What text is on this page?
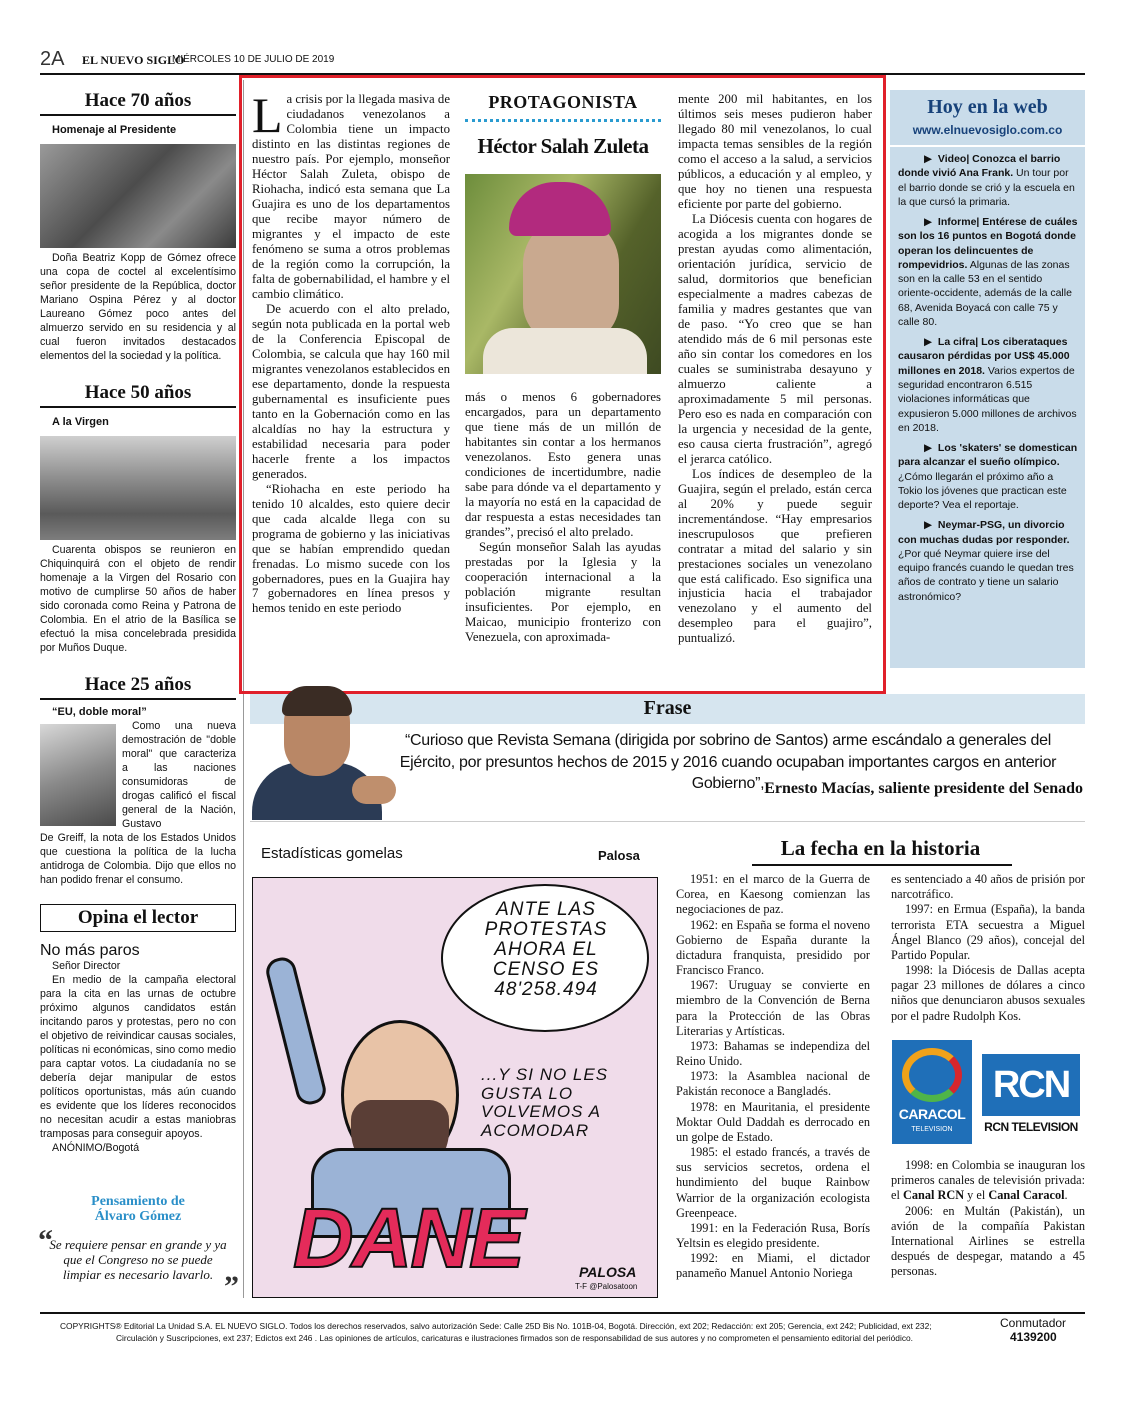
2A EL NUEVO SIGLO
MIÉRCOLES 10 DE JULIO DE 2019
Hace 70 años
Homenaje al Presidente
Doña Beatriz Kopp de Gómez ofrece una copa de coctel al excelentísimo señor presidente de la República, doctor Mariano Ospina Pérez y al doctor Laureano Gómez poco antes del almuerzo servido en su residencia y al cual fueron invitados destacados elementos del la sociedad y la política.
Hace 50 años
A la Virgen
Cuarenta obispos se reunieron en Chiquinquirá con el objeto de rendir homenaje a la Virgen del Rosario con motivo de cumplirse 50 años de haber sido coronada como Reina y Patrona de Colombia. En el atrio de la Basílica se efectuó la misa concelebrada presidida por Muños Duque.
Hace 25 años
“EU, doble moral”
Como una nueva demostración de "doble moral" que caracteriza a las naciones consumidoras de drogas calificó el fiscal general de la Nación, Gustavo
De Greiff, la nota de los Estados Unidos que cuestiona la política de la lucha antidroga de Colombia. Dijo que ellos no han podido frenar el consumo.
Opina el lector
No más paros
Señor Director
En medio de la campaña electoral para la cita en las urnas de octubre próximo algunos candidatos están incitando paros y protestas, pero no con el objetivo de reivindicar causas sociales, políticas ni económicas, sino como medio para captar votos. La ciudadanía no se debería dejar manipular de estos políticos oportunistas, más aún cuando es evidente que los líderes reconocidos no necesitan acudir a estas maniobras tramposas para conseguir apoyos.
ANÓNIMO/Bogotá
Pensamiento de
Álvaro Gómez
“
Se requiere pensar en grande y ya que el Congreso no se puede limpiar es necesario lavarlo. ”

La crisis por la llegada masiva de ciudadanos venezolanos a Colombia tiene un impacto distinto en las distintas regiones de nuestro país. Por ejemplo, monseñor Héctor Salah Zuleta, obispo de Riohacha, indicó esta semana que La Guajira es uno de los departamentos que recibe mayor número de migrantes y el impacto de este fenómeno se suma a otros problemas de la región como la corrupción, la falta de gobernabilidad, el hambre y el cambio climático.

De acuerdo con el alto prelado, según nota publicada en la portal web de la Conferencia Episcopal de Colombia, se calcula que hay 160 mil migrantes venezolanos establecidos en ese departamento, donde la respuesta gubernamental es insuficiente pues tanto en la Gobernación como en las alcaldías no hay la estructura y estabilidad necesaria para poder hacerle frente a los impactos generados.

“Riohacha en este periodo ha tenido 10 alcaldes, esto quiere decir que cada alcalde llega con su programa de gobierno y las iniciativas que se habían emprendido quedan frenadas. Lo mismo sucede con los gobernadores, pues en la Guajira hay 7 gobernadores en línea presos y hemos tenido en este periodo

PROTAGONISTA
Héctor Salah Zuleta

más o menos 6 gobernadores encargados, para un departamento que tiene más de un millón de habitantes sin contar a los hermanos venezolanos. Esto genera unas condiciones de incertidumbre, nadie sabe para dónde va el departamento y la mayoría no está en la capacidad de dar respuesta a estas necesidades tan grandes”, precisó el alto prelado.

Según monseñor Salah las ayudas prestadas por la Iglesia y la cooperación internacional a la población migrante resultan insuficientes. Por ejemplo, en Maicao, municipio fronterizo con Venezuela, con aproximada-

mente 200 mil habitantes, en los últimos seis meses pudieron haber llegado 80 mil venezolanos, lo cual impacta temas sensibles de la región como el acceso a la salud, a servicios públicos, a educación y al empleo, y que hoy no tienen una respuesta eficiente por parte del gobierno.

La Diócesis cuenta con hogares de acogida a los migrantes donde se prestan ayudas como alimentación, orientación jurídica, servicio de salud, dormitorios que benefician especialmente a madres cabezas de familia y madres gestantes que van de paso. “Yo creo que se han atendido más de 6 mil personas este año sin contar los comedores en los cuales se suministraba desayuno y almuerzo caliente a aproximadamente 5 mil personas. Pero eso es nada en comparación con la urgencia y necesidad de la gente, eso causa cierta frustración”, agregó el jerarca católico.

Los índices de desempleo de la Guajira, según el prelado, están cerca al 20% y puede seguir incrementándose. “Hay empresarios inescrupulosos que prefieren contratar a mitad del salario y sin prestaciones sociales un venezolano que está calificado. Eso significa una injusticia hacia el trabajador venezolano y el aumento del desempleo para el guajiro”, puntualizó.

Hoy en la web
www.elnuevosiglo.com.co
▶  Video| Conozca el barrio donde vivió Ana Frank. Un tour por el barrio donde se crió y la escuela en la que cursó la primaria.
▶  Informe| Entérese de cuáles son los 16 puntos en Bogotá donde operan los delincuentes de rompevidrios. Algunas de las zonas son en la calle 53 en el sentido oriente-occidente, además de la calle 68, Avenida Boyacá con calle 75 y calle 80.
▶  La cifra| Los ciberataques causaron pérdidas por US$ 45.000 millones en 2018. Varios expertos de seguridad encontraron 6.515 violaciones informáticas que expusieron 5.000 millones de archivos en 2018.
▶  Los 'skaters' se domestican para alcanzar el sueño olímpico. ¿Cómo llegarán el próximo año a Tokio los jóvenes que practican este deporte? Vea el reportaje.
▶  Neymar-PSG, un divorcio con muchas dudas por responder. ¿Por qué Neymar quiere irse del equipo francés cuando le quedan tres años de contrato y tiene un salario astronómico?
Frase
“Curioso que Revista Semana (dirigida por sobrino de Santos) arme escándalo a generales del Ejército, por presuntos hechos de 2015 y 2016 cuando ocupaban importantes cargos en anterior Gobierno”, Ernesto Macías, saliente presidente del Senado
Estadísticas gomelas	Palosa
ANTE LAS PROTESTAS AHORA EL CENSO ES 48'258.494
...Y SI NO LES GUSTA LO VOLVEMOS A ACOMODAR
DANE	PALOSA
T-F @Palosatoon
La fecha en la historia

1951: en el marco de la Guerra de Corea, en Kaesong comienzan las negociaciones de paz.

1962: en España se forma el noveno Gobierno de España durante la dictadura franquista, presidido por Francisco Franco.

1967: Uruguay se convierte en miembro de la Convención de Berna para la Protección de las Obras Literarias y Artísticas.

1973: Bahamas se independiza del Reino Unido.

1973: la Asamblea nacional de Pakistán reconoce a Bangladés.

1978: en Mauritania, el presidente Moktar Ould Daddah es derrocado en un golpe de Estado.

1985: el estado francés, a través de sus servicios secretos, ordena el hundimiento del buque Rainbow Warrior de la organización ecologista Greenpeace.

1991: en la Federación Rusa, Borís Yeltsin es elegido presidente.

1992: en Miami, el dictador panameño Manuel Antonio Noriega

es sentenciado a 40 años de prisión por narcotráfico.

1997: en Ermua (España), la banda terrorista ETA secuestra a Miguel Ángel Blanco (29 años), concejal del Partido Popular.

1998: la Diócesis de Dallas acepta pagar 23 millones de dólares a cinco niños que denunciaron abusos sexuales por el padre Rudolph Kos.

CARACOL
TELEVISION
RCN
RCN TELEVISION

1998: en Colombia se inauguran los primeros canales de televisión privada: el Canal RCN y el Canal Caracol.

2006: en Multán (Pakistán), un avión de la compañía Pakistan International Airlines se estrella después de despegar, matando a 45 personas.

COPYRIGHTS® Editorial La Unidad S.A. EL NUEVO SIGLO. Todos los derechos reservados, salvo autorización Sede: Calle 25D Bis No. 101B-04, Bogotá. Dirección, ext 202; Redacción: ext 205; Gerencia, ext 242; Publicidad, ext 232;
Circulación y Suscripciones, ext 237; Edictos ext 246 . Las opiniones de artículos, caricaturas e ilustraciones firmados son de responsabilidad de sus autores y no comprometen el pensamiento editorial del periódico.
Conmutador
4139200
